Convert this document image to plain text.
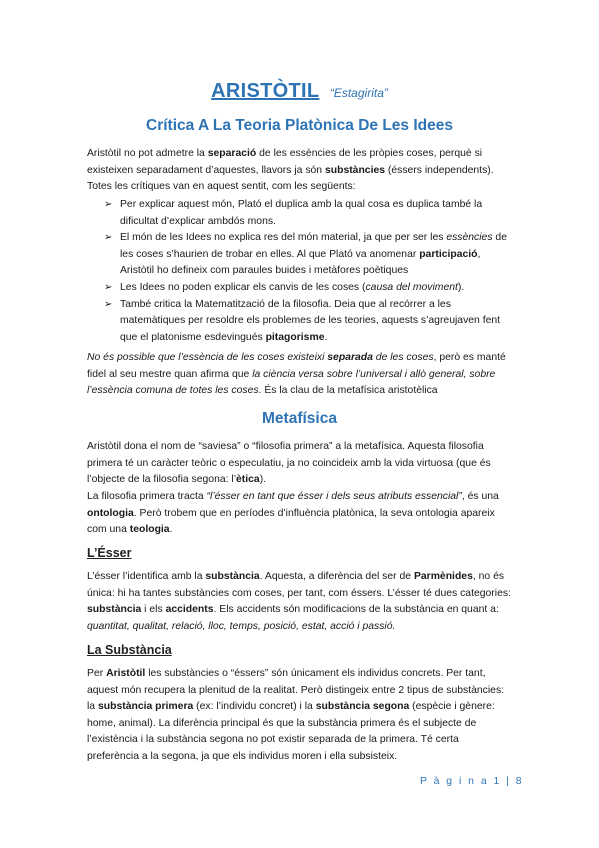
ARISTÒTIL “Estagirita”
Crítica A La Teoria Platònica De Les Idees

Aristòtil no pot admetre la separació de les essències de les pròpies coses, perquè si existeixen separadament d’aquestes, llavors ja són substàncies (éssers independents). Totes les crítiques van en aquest sentit, com les següents:

➢ Per explicar aquest món, Plató el duplica amb la qual cosa es duplica també la dificultat d’explicar ambdós mons.
➢ El món de les Idees no explica res del món material, ja que per ser les essències de les coses s’haurien de trobar en elles. Al que Plató va anomenar participació, Aristòtil ho defineix com paraules buides i metàfores poètiques
➢ Les Idees no poden explicar els canvis de les coses (causa del moviment).
➢ També critica la Matematització de la filosofia. Deia que al recórrer a les matemàtiques per resoldre els problemes de les teories, aquests s’agreujaven fent que el platonisme esdevingués pitagorisme.

No és possible que l’essència de les coses existeixi separada de les coses, però es manté fidel al seu mestre quan afirma que la ciència versa sobre l’universal i allò general, sobre l’essència comuna de totes les coses. És la clau de la metafísica aristotèlica

Metafísica

Aristòtil dona el nom de “saviesa” o “filosofia primera” a la metafísica. Aquesta filosofia primera té un caràcter teòric o especulatiu, ja no coincideix amb la vida virtuosa (que és l’objecte de la filosofia segona: l’ètica).

La filosofia primera tracta “l’ésser en tant que ésser i dels seus atributs essencial”, és una ontologia. Però trobem que en períodes d’influència platònica, la seva ontologia apareix com una teologia.

L’Ésser

L’ésser l’identifica amb la substància. Aquesta, a diferència del ser de Parmènides, no és única: hi ha tantes substàncies com coses, per tant, com éssers. L’ésser té dues categories: substància i els accidents. Els accidents són modificacions de la substància en quant a: quantitat, qualitat, relació, lloc, temps, posició, estat, acció i passió.

La Substància

Per Aristòtil les substàncies o “éssers” són únicament els individus concrets. Per tant, aquest món recupera la plenitud de la realitat. Però distingeix entre 2 tipus de substàncies: la substància primera (ex: l’individu concret) i la substància segona (espècie i gènere: home, animal). La diferència principal és que la substància primera és el subjecte de l’existència i la substància segona no pot existir separada de la primera. Té certa preferència a la segona, ja que els individus moren i ella subsisteix.

P à g i n a 1 | 8
